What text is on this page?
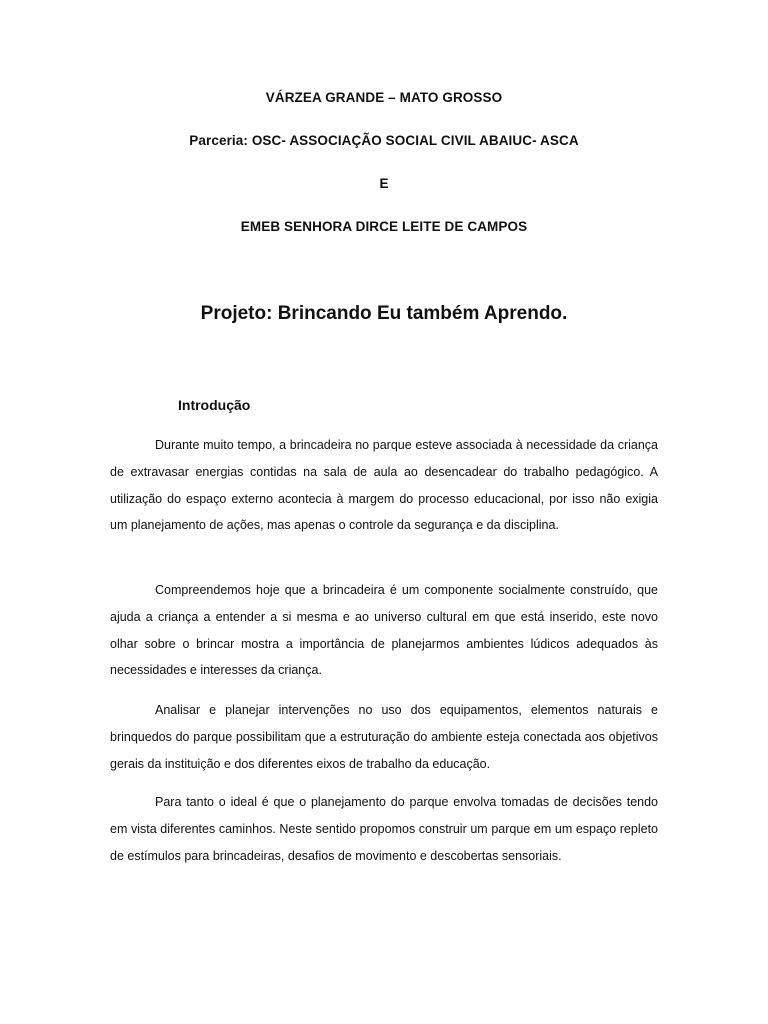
VÁRZEA GRANDE – MATO GROSSO
Parceria: OSC- ASSOCIAÇÃO SOCIAL CIVIL ABAIUC- ASCA
E
EMEB SENHORA DIRCE LEITE DE CAMPOS
Projeto: Brincando Eu também Aprendo.
Introdução

Durante muito tempo, a brincadeira no parque esteve associada à necessidade da criança de extravasar energias contidas na sala de aula ao desencadear do trabalho pedagógico. A utilização do espaço externo acontecia à margem do processo educacional, por isso não exigia um planejamento de ações, mas apenas o controle da segurança e da disciplina.

Compreendemos hoje que a brincadeira é um componente socialmente construído, que ajuda a criança a entender a si mesma e ao universo cultural em que está inserido, este novo olhar sobre o brincar mostra a importância de planejarmos ambientes lúdicos adequados às necessidades e interesses da criança.

Analisar e planejar intervenções no uso dos equipamentos, elementos naturais e brinquedos do parque possibilitam que a estruturação do ambiente esteja conectada aos objetivos gerais da instituição e dos diferentes eixos de trabalho da educação.

Para tanto o ideal é que o planejamento do parque envolva tomadas de decisões tendo em vista diferentes caminhos. Neste sentido propomos construir um parque em um espaço repleto de estímulos para brincadeiras, desafios de movimento e descobertas sensoriais.
